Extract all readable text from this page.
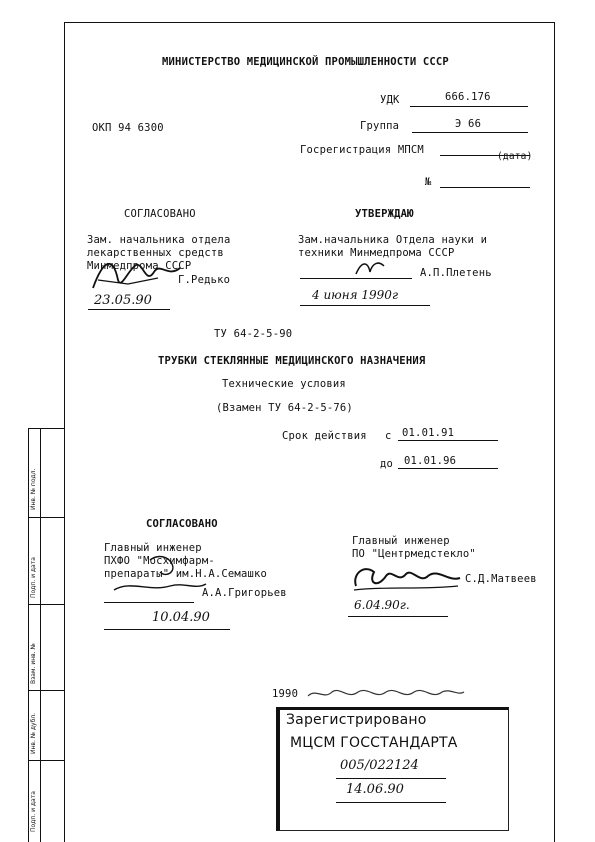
Инв. № подл.
Подп. и дата
Взам. инв. №
Инв. № дубл.
Подп. и дата
МИНИСТЕРСТВО МЕДИЦИНСКОЙ ПРОМЫШЛЕННОСТИ СССР
УДК	666.176
ОКП 94 6300	Группа	Э 66
Госрегистрация МПСМ
(дата)
№
СОГЛАСОВАНО
Зам. начальника отдела
лекарственных средств
Минмедпрома СССР
Г.Редько
23.05.90
УТВЕРЖДАЮ
Зам.начальника Отдела науки и
техники Минмедпрома СССР
А.П.Плетень
4 июня 1990г
ТУ 64-2-5-90
ТРУБКИ СТЕКЛЯННЫЕ МЕДИЦИНСКОГО НАЗНАЧЕНИЯ
Технические условия
(Взамен ТУ 64-2-5-76)
Срок действия с 01.01.91
до 01.01.96
СОГЛАСОВАНО
Главный инженер
ПХФО "Мосхимфарм-
препараты" им.Н.А.Семашко
А.А.Григорьев
10.04.90
Главный инженер
ПО "Центрмедстекло"
С.Д.Матвеев
6.04.90г.
1990
Зарегистрировано
МЦСМ ГОССТАНДАРТА
005/022124
14.06.90
